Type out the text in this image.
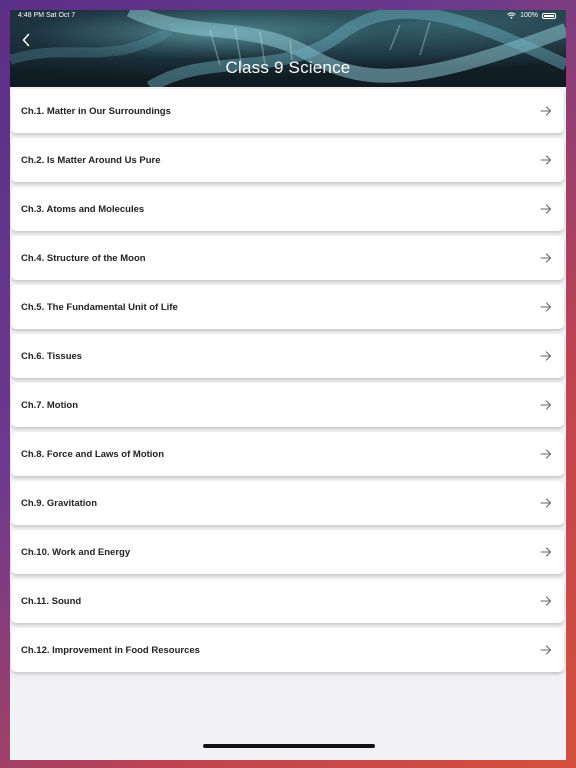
4:48 PM Sat Oct 7	100%
Class 9 Science
Ch.1. Matter in Our Surroundings
Ch.2. Is Matter Around Us Pure
Ch.3. Atoms and Molecules
Ch.4. Structure of the Moon
Ch.5. The Fundamental Unit of Life
Ch.6. Tissues
Ch.7. Motion
Ch.8. Force and Laws of Motion
Ch.9. Gravitation
Ch.10. Work and Energy
Ch.11. Sound
Ch.12. Improvement in Food Resources
